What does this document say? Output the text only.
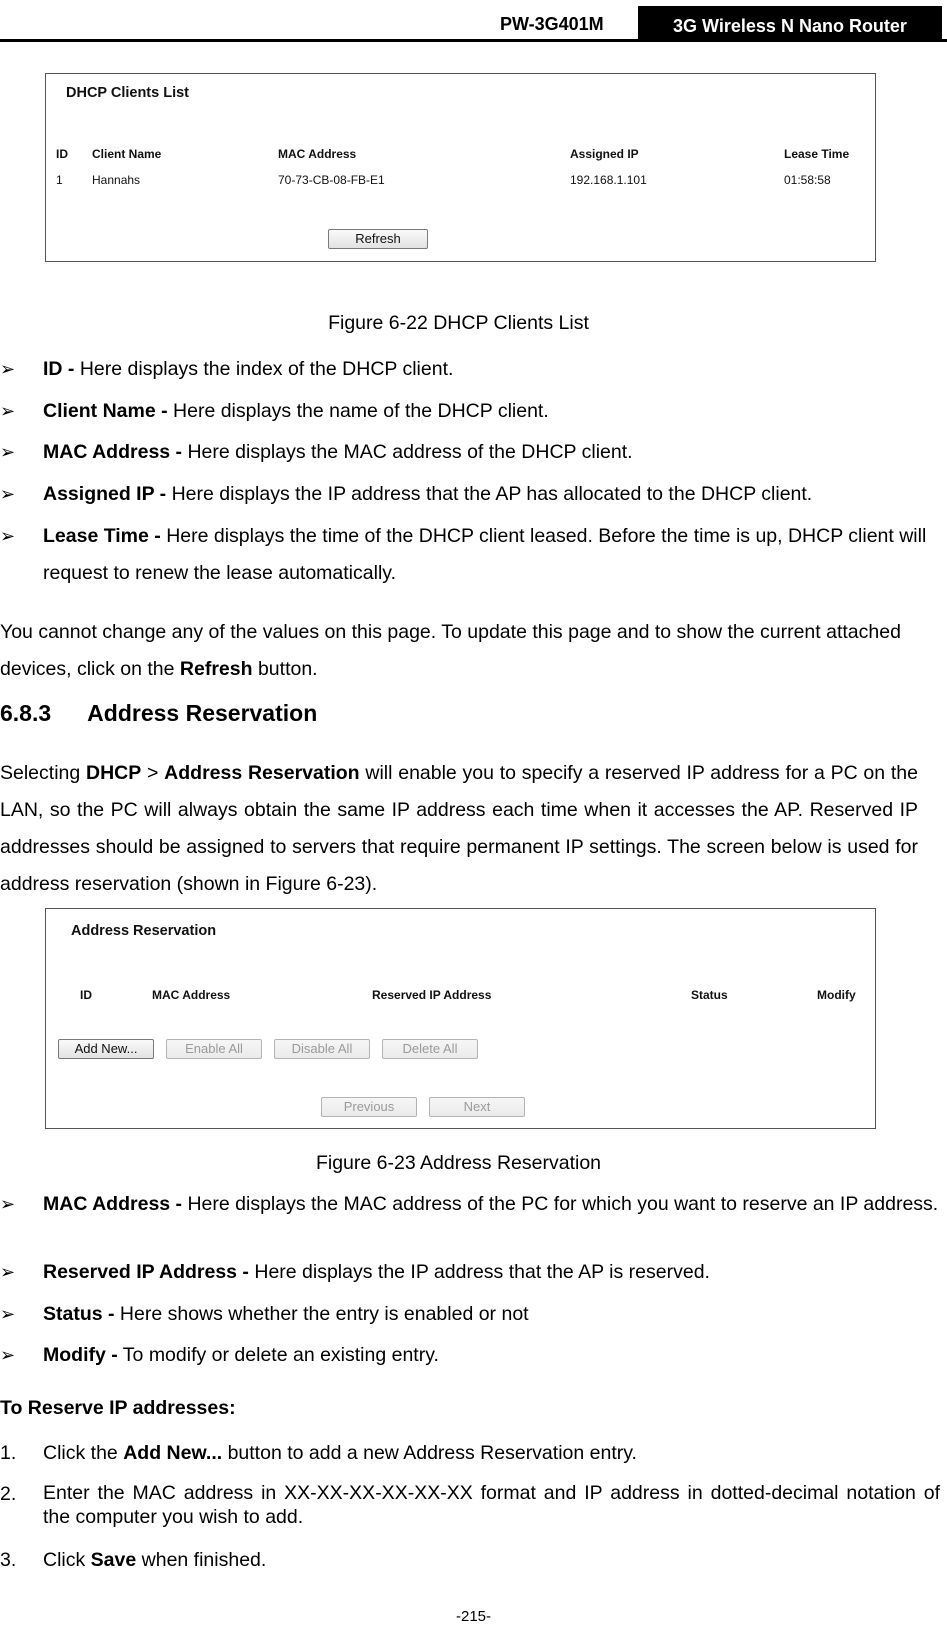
PW-3G401M	3G Wireless N Nano Router
DHCP Clients List
ID Client Name	MAC Address	Assigned IP	Lease Time
1 Hannahs	70-73-CB-08-FB-E1	192.168.1.101	01:58:58
Refresh
Figure 6-22 DHCP Clients List
➢ ID - Here displays the index of the DHCP client.
➢ Client Name - Here displays the name of the DHCP client.
➢ MAC Address - Here displays the MAC address of the DHCP client.
➢ Assigned IP - Here displays the IP address that the AP has allocated to the DHCP client.
➢ Lease Time - Here displays the time of the DHCP client leased. Before the time is up, DHCP client will request to renew the lease automatically.
You cannot change any of the values on this page. To update this page and to show the current attached devices, click on the Refresh button.
6.8.3 Address Reservation
Selecting DHCP > Address Reservation will enable you to specify a reserved IP address for a PC on the LAN, so the PC will always obtain the same IP address each time when it accesses the AP. Reserved IP addresses should be assigned to servers that require permanent IP settings. The screen below is used for address reservation (shown in Figure 6-23).
Address Reservation
ID	MAC Address	Reserved IP Address	Status	Modify
Add New...	Enable All	Disable All	Delete All
Previous	Next
Figure 6-23 Address Reservation
➢ MAC Address - Here displays the MAC address of the PC for which you want to reserve an IP address.
➢ Reserved IP Address - Here displays the IP address that the AP is reserved.
➢ Status - Here shows whether the entry is enabled or not
➢ Modify - To modify or delete an existing entry.
To Reserve IP addresses:
1. Click the Add New... button to add a new Address Reservation entry.
2. Enter the MAC address in XX-XX-XX-XX-XX-XX format and IP address in dotted-decimal notation of the computer you wish to add.
3. Click Save when finished.
-215-
